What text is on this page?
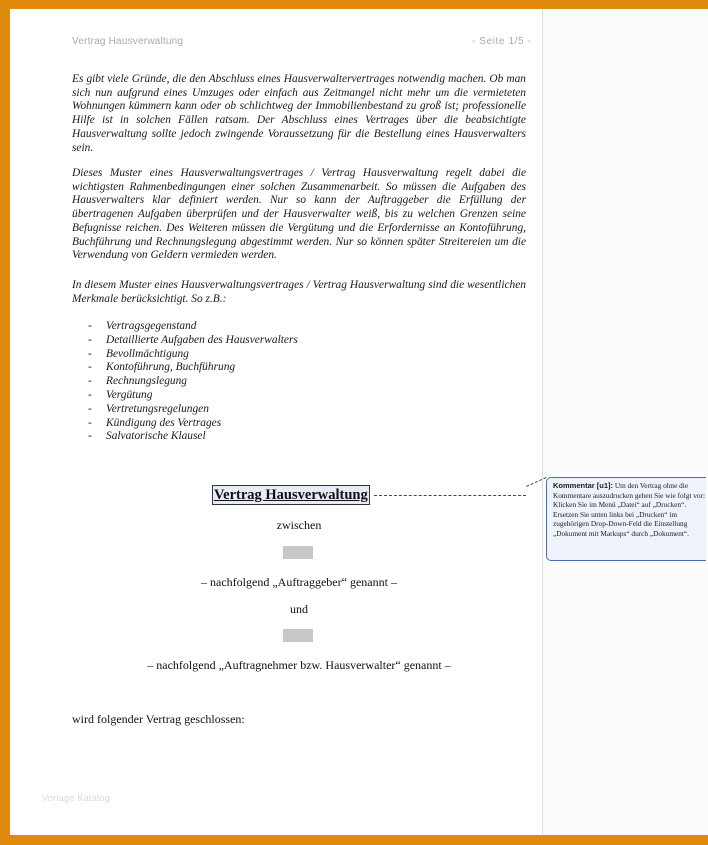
Vertrag Hausverwaltung	- Seite 1/5 -

Es gibt viele Gründe, die den Abschluss eines Hausverwaltervertrages notwendig machen. Ob man sich nun aufgrund eines Umzuges oder einfach aus Zeitmangel nicht mehr um die vermieteten Wohnungen kümmern kann oder ob schlichtweg der Immobilienbestand zu groß ist; professionelle Hilfe ist in solchen Fällen ratsam. Der Abschluss eines Vertrages über die beabsichtigte Hausverwaltung sollte jedoch zwingende Voraussetzung für die Bestellung eines Hausverwalters sein.

Dieses Muster eines Hausverwaltungsvertrages / Vertrag Hausverwaltung regelt dabei die wichtigsten Rahmenbedingungen einer solchen Zusammenarbeit. So müssen die Aufgaben des Hausverwalters klar definiert werden. Nur so kann der Auftraggeber die Erfüllung der übertragenen Aufgaben überprüfen und der Hausverwalter weiß, bis zu welchen Grenzen seine Befugnisse reichen. Des Weiteren müssen die Vergütung und die Erfordernisse an Kontoführung, Buchführung und Rechnungslegung abgestimmt werden. Nur so können später Streitereien um die Verwendung von Geldern vermieden werden.

In diesem Muster eines Hausverwaltungsvertrages / Vertrag Hausverwaltung sind die wesentlichen Merkmale berücksichtigt. So z.B.:

- Vertragsgegenstand
- Detaillierte Aufgaben des Hausverwalters
- Bevollmächtigung
- Kontoführung, Buchführung
- Rechnungslegung
- Vergütung
- Vertretungsregelungen
- Kündigung des Vertrages
- Salvatorische Klausel
Vertrag Hausverwaltung
zwischen
– nachfolgend „Auftraggeber“ genannt –
und
– nachfolgend „Auftragnehmer bzw. Hausverwalter“ genannt –
wird folgender Vertrag geschlossen:
Vorlage Katalog
Kommentar [u1]: Um den Vertrag ohne die Kommentare auszudrucken gehen Sie wie folgt vor: Klicken Sie im Menü „Datei“ auf „Drucken“. Ersetzen Sie unten links bei „Drucken“ im zugehörigen Drop-Down-Feld die Einstellung „Dokument mit Markups“ durch „Dokument“.
